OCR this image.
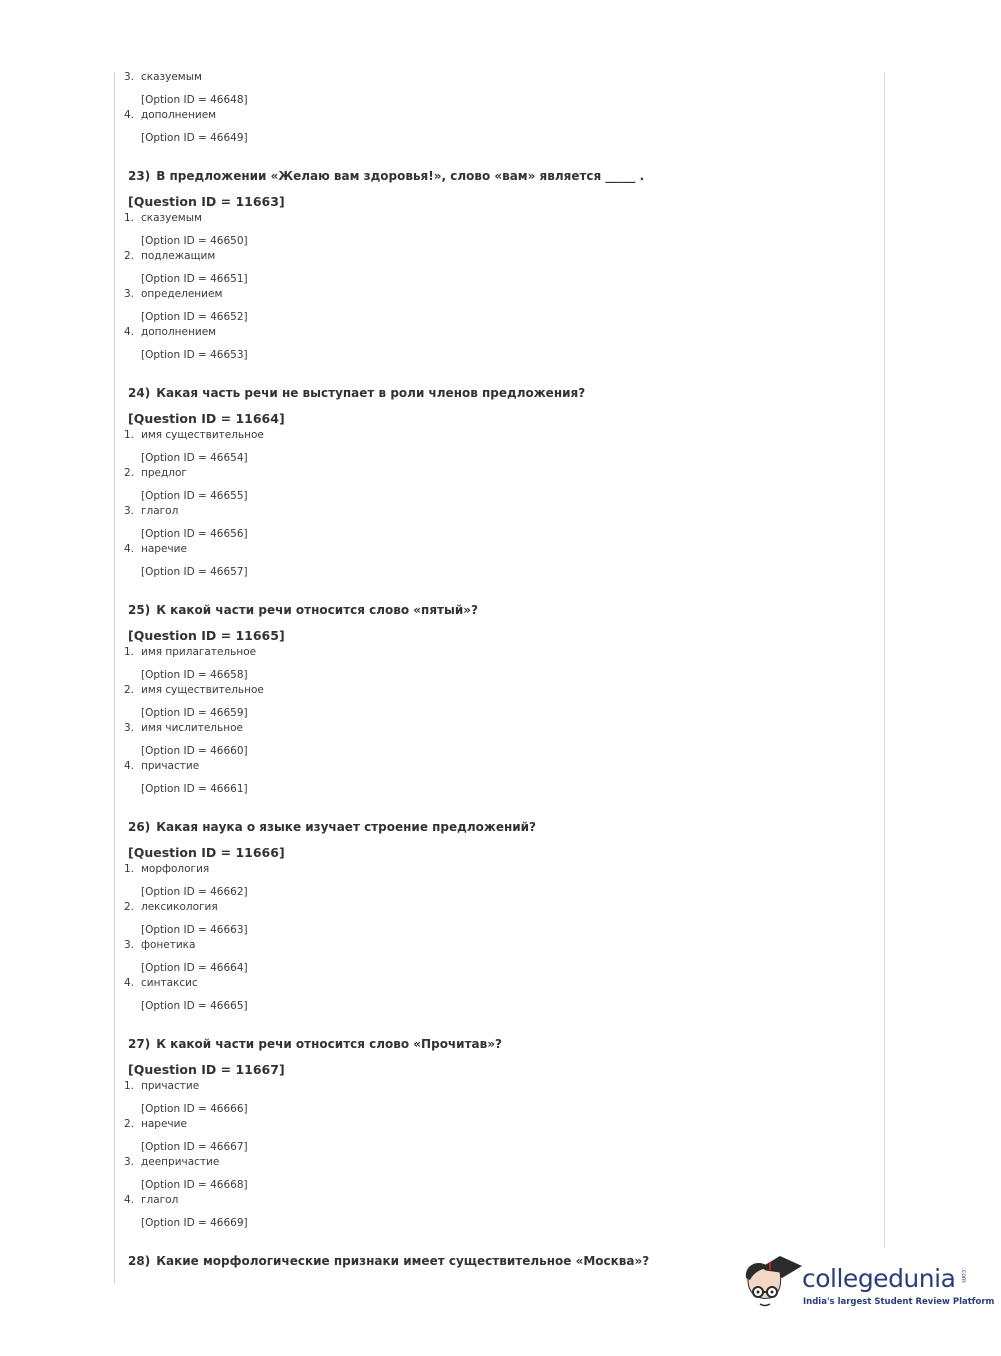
3. сказуемым
[Option ID = 46648]
4. дополнением
[Option ID = 46649]
23) В предложении «Желаю вам здоровья!», слово «вам» является _____ .
[Question ID = 11663]
1. сказуемым
[Option ID = 46650]
2. подлежащим
[Option ID = 46651]
3. определением
[Option ID = 46652]
4. дополнением
[Option ID = 46653]
24) Какая часть речи не выступает в роли членов предложения?
[Question ID = 11664]
1. имя существительное
[Option ID = 46654]
2. предлог
[Option ID = 46655]
3. глагол
[Option ID = 46656]
4. наречие
[Option ID = 46657]
25) К какой части речи относится слово «пятый»?
[Question ID = 11665]
1. имя прилагательное
[Option ID = 46658]
2. имя существительное
[Option ID = 46659]
3. имя числительное
[Option ID = 46660]
4. причастие
[Option ID = 46661]
26) Какая наука о языке изучает строение предложений?
[Question ID = 11666]
1. морфология
[Option ID = 46662]
2. лексикология
[Option ID = 46663]
3. фонетика
[Option ID = 46664]
4. синтаксис
[Option ID = 46665]
27) К какой части речи относится слово «Прочитав»?
[Question ID = 11667]
1. причастие
[Option ID = 46666]
2. наречие
[Option ID = 46667]
3. деепричастие
[Option ID = 46668]
4. глагол
[Option ID = 46669]
28) Какие морфологические признаки имеет существительное «Москва»?
collegedunia .com
India's largest Student Review Platform
